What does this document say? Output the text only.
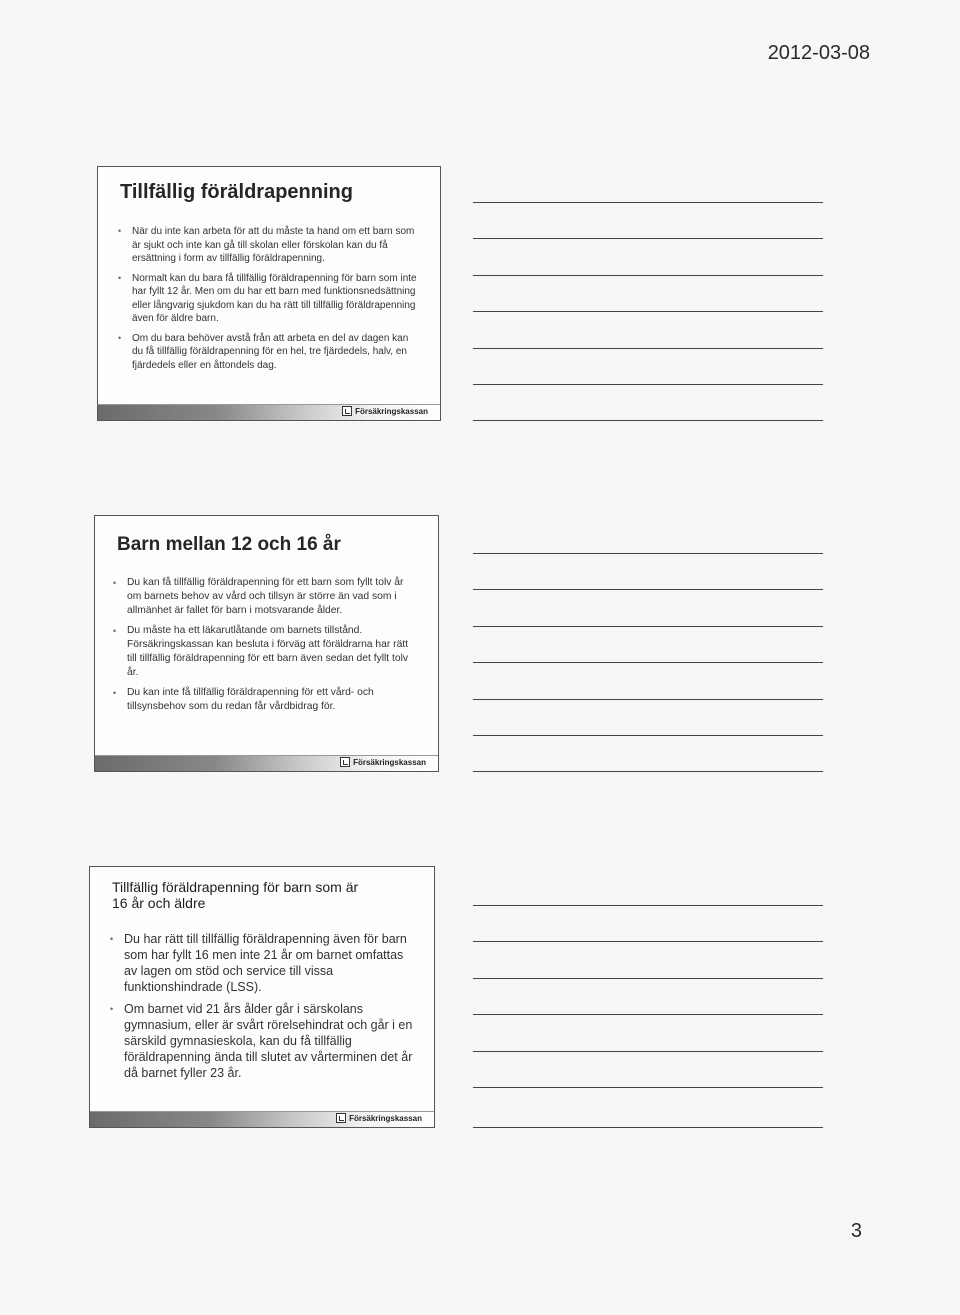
2012-03-08
Tillfällig föräldrapenning
• När du inte kan arbeta för att du måste ta hand om ett barn som är sjukt och inte kan gå till skolan eller förskolan kan du få ersättning i form av tillfällig föräldrapenning.
• Normalt kan du bara få tillfällig föräldrapenning för barn som inte har fyllt 12 år. Men om du har ett barn med funktionsnedsättning eller långvarig sjukdom kan du ha rätt till tillfällig föräldrapenning även för äldre barn.
• Om du bara behöver avstå från att arbeta en del av dagen kan du få tillfällig föräldrapenning för en hel, tre fjärdedels, halv, en fjärdedels eller en åttondels dag.
Försäkringskassan
Barn mellan 12 och 16 år
• Du kan få tillfällig föräldrapenning för ett barn som fyllt tolv år om barnets behov av vård och tillsyn är större än vad som i allmänhet är fallet för barn i motsvarande ålder.
• Du måste ha ett läkarutlåtande om barnets tillstånd. Försäkringskassan kan besluta i förväg att föräldrarna har rätt till tillfällig föräldrapenning för ett barn även sedan det fyllt tolv år.
• Du kan inte få tillfällig föräldrapenning för ett vård- och tillsynsbehov som du redan får vårdbidrag för.
Försäkringskassan
Tillfällig föräldrapenning för barn som är 16 år och äldre
• Du har rätt till tillfällig föräldrapenning även för barn som har fyllt 16 men inte 21 år om barnet omfattas av lagen om stöd och service till vissa funktionshindrade (LSS).
• Om barnet vid 21 års ålder går i särskolans gymnasium, eller är svårt rörelsehindrat och går i en särskild gymnasieskola, kan du få tillfällig föräldrapenning ända till slutet av vårterminen det år då barnet fyller 23 år.
Försäkringskassan
3
